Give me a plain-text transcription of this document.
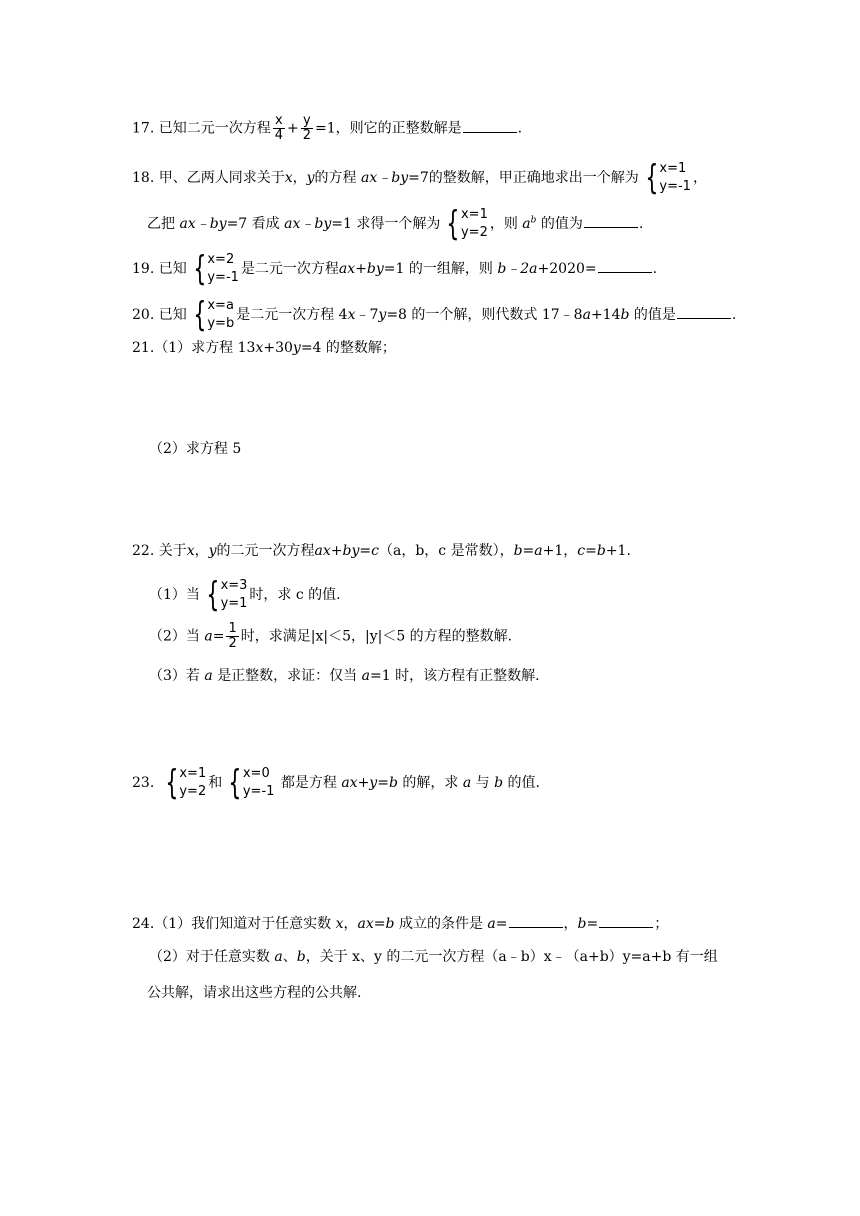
17. 已知二元一次方程 $\frac{x}{4} + \frac{y}{2} =1$，则它的正整数解是	.
18. 甲、乙两人同求关于x，y的方程 ax﹣by=7的整数解，甲正确地求出一个解为 { x=1
y=-1
，
乙把 ax﹣by=7 看成 ax﹣by=1 求得一个解为 { x=1
y=2
，则 $a^b$ 的值为	.
19. 已知 { x=2
y=-1
是二元一次方程ax+by=1 的一组解，则 b﹣2a+2020=	.
20. 已知 { x=a
y=b
是二元一次方程 4x﹣7y=8 的一个解，则代数式 17﹣8a+14b 的值是	.
21.（1）求方程 13x+30y=4 的整数解；
（2）求方程 5
22. 关于x，y的二元一次方程ax+by=c（a，b，c 是常数），b=a+1，c=b+1.
（1）当 { x=3
y=1
时，求 c 的值.
（2）当 $a= \frac{1}{2}$ 时，求满足|x|＜5，|y|＜5 的方程的整数解.
（3）若 a 是正整数，求证：仅当 a=1 时，该方程有正整数解.
23. { x=1
y=2
和 { x=0
y=-1
都是方程 ax+y=b 的解，求 a 与 b 的值.
24.（1）我们知道对于任意实数 x，ax=b 成立的条件是 a=	，b=	；
（2）对于任意实数 a、b，关于 x、y 的二元一次方程（a﹣b）x﹣（a+b）y=a+b 有一组
公共解，请求出这些方程的公共解.
